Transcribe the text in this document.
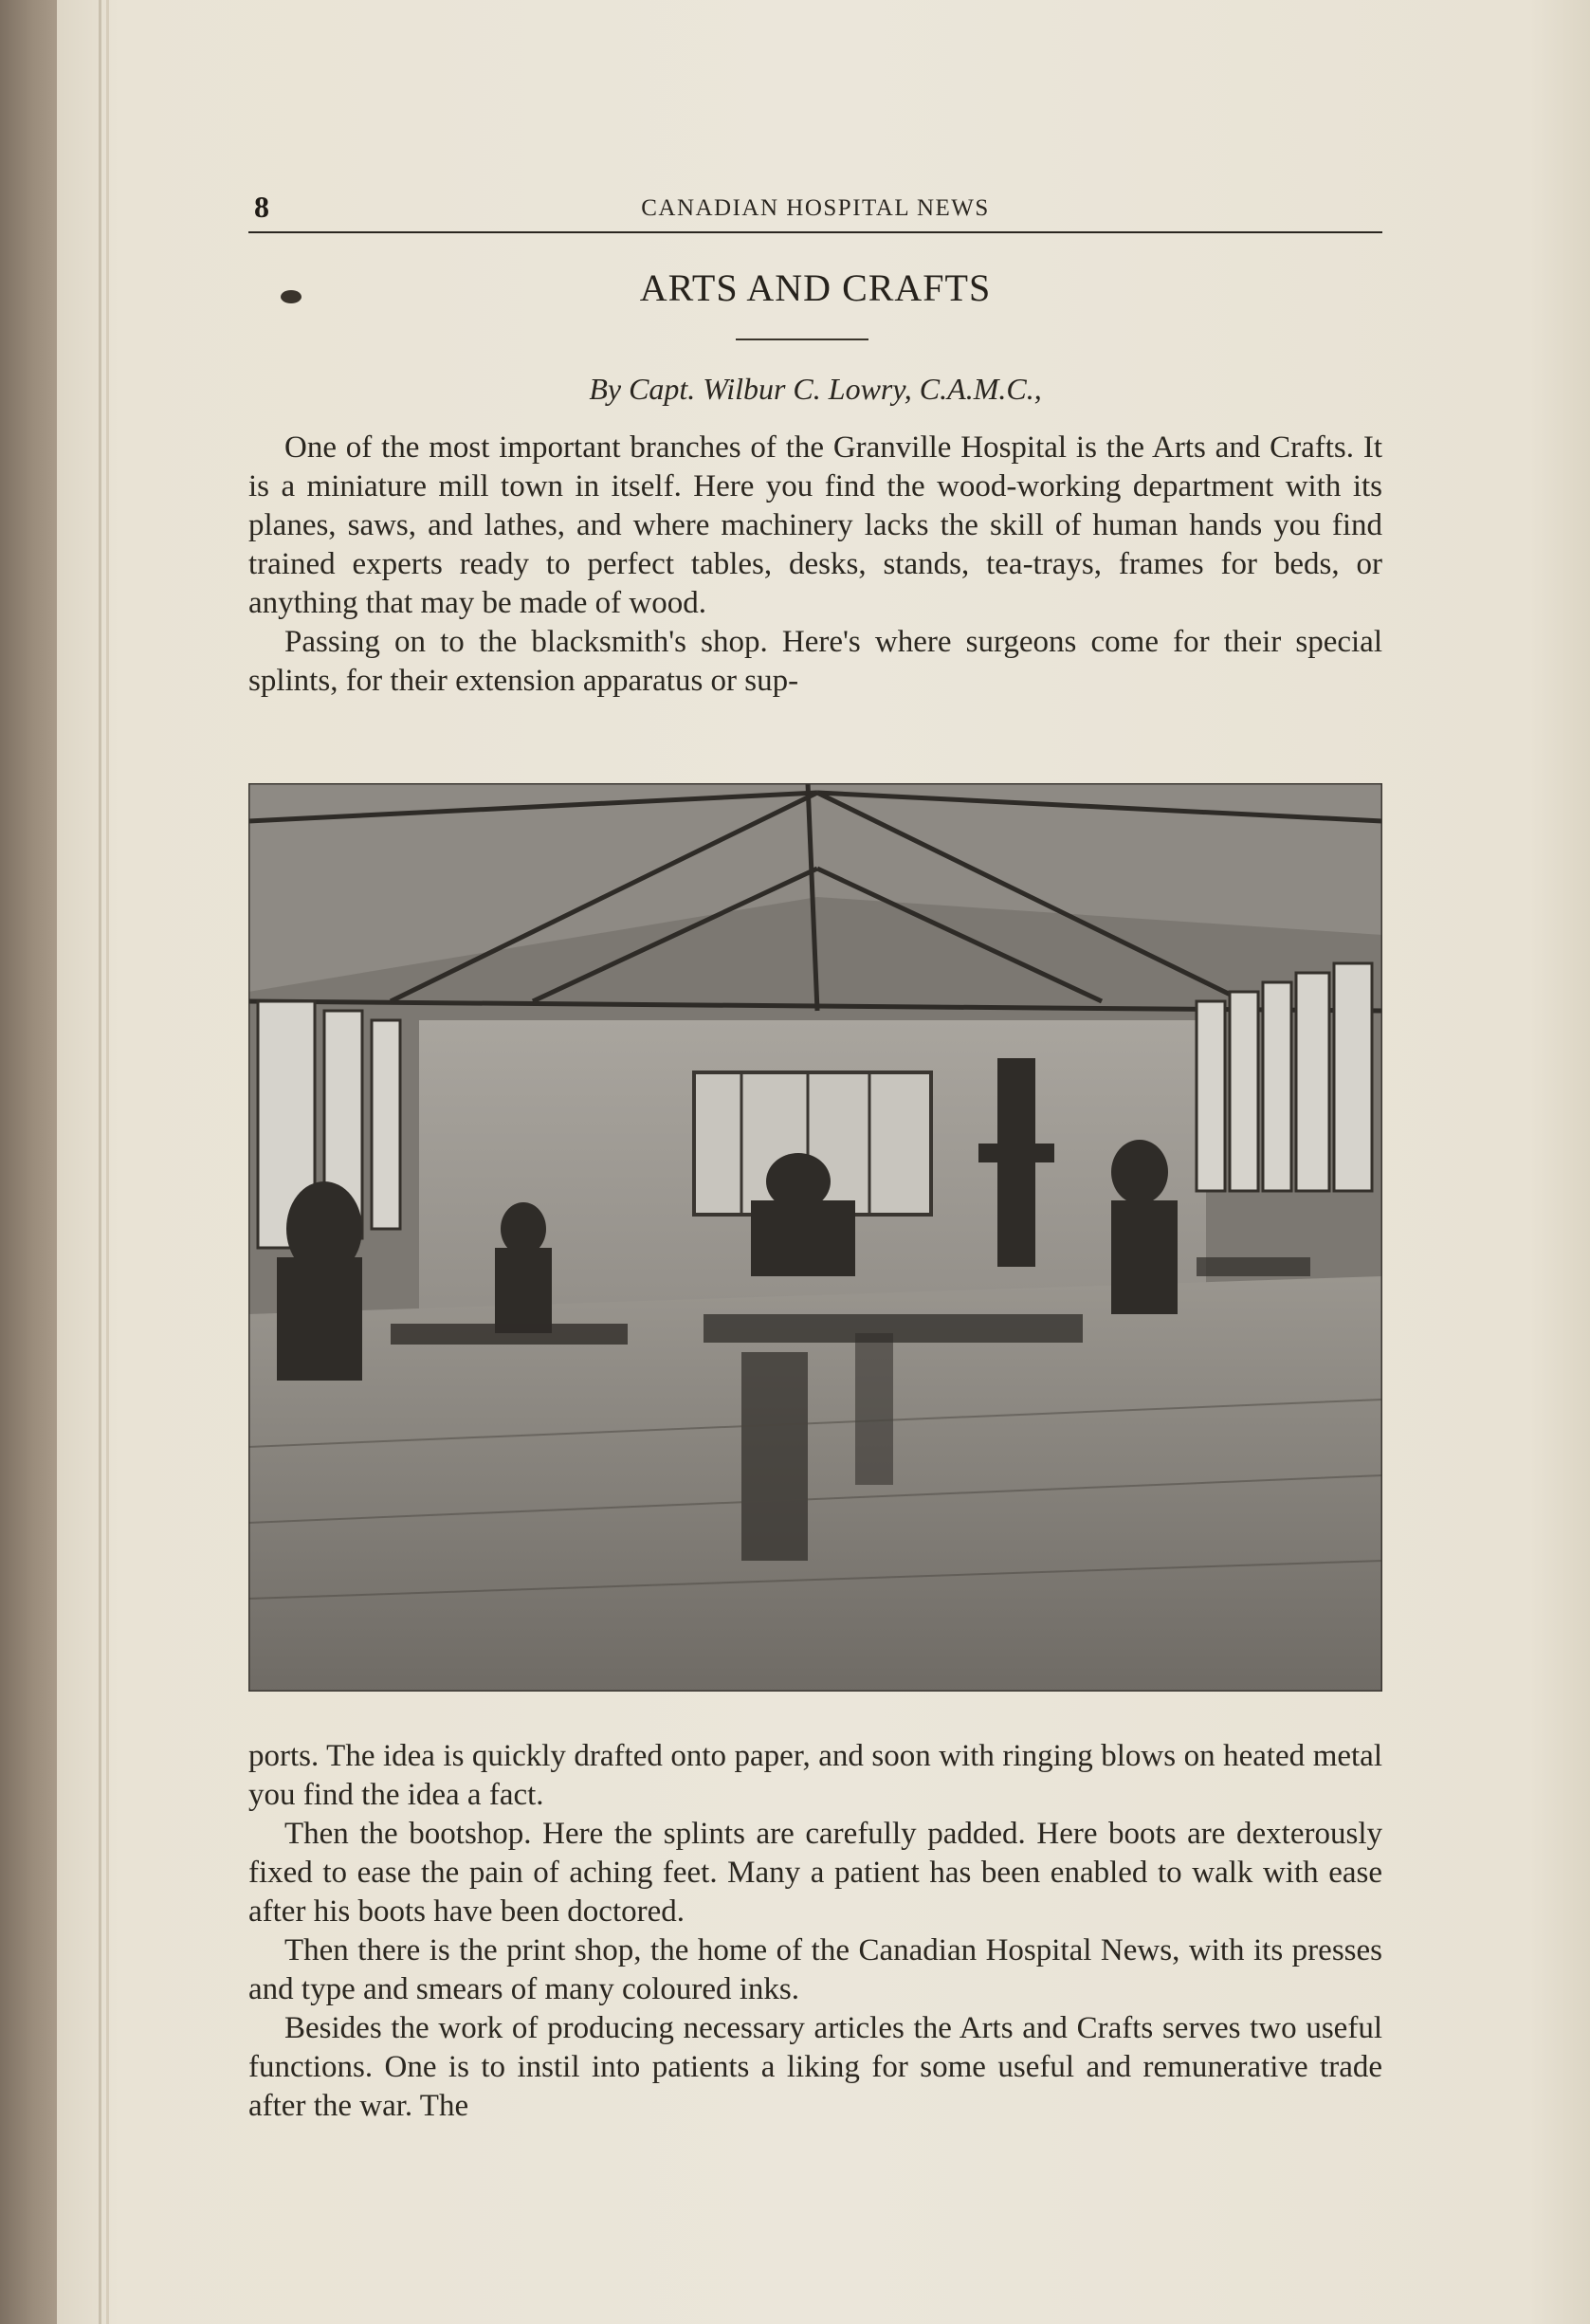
8	CANADIAN HOSPITAL NEWS
ARTS AND CRAFTS
By Capt. Wilbur C. Lowry, C.A.M.C.,

One of the most important branches of the Granville Hospital is the Arts and Crafts. It is a miniature mill town in itself. Here you find the wood-working department with its planes, saws, and lathes, and where machinery lacks the skill of human hands you find trained experts ready to perfect tables, desks, stands, tea-trays, frames for beds, or anything that may be made of wood.

Passing on to the blacksmith's shop. Here's where surgeons come for their special splints, for their extension apparatus or sup-

ports. The idea is quickly drafted onto paper, and soon with ringing blows on heated metal you find the idea a fact.

Then the bootshop. Here the splints are carefully padded. Here boots are dexterously fixed to ease the pain of aching feet. Many a patient has been enabled to walk with ease after his boots have been doctored.

Then there is the print shop, the home of the Canadian Hospital News, with its presses and type and smears of many coloured inks.

Besides the work of producing necessary articles the Arts and Crafts serves two useful functions. One is to instil into patients a liking for some useful and remunerative trade after the war. The
